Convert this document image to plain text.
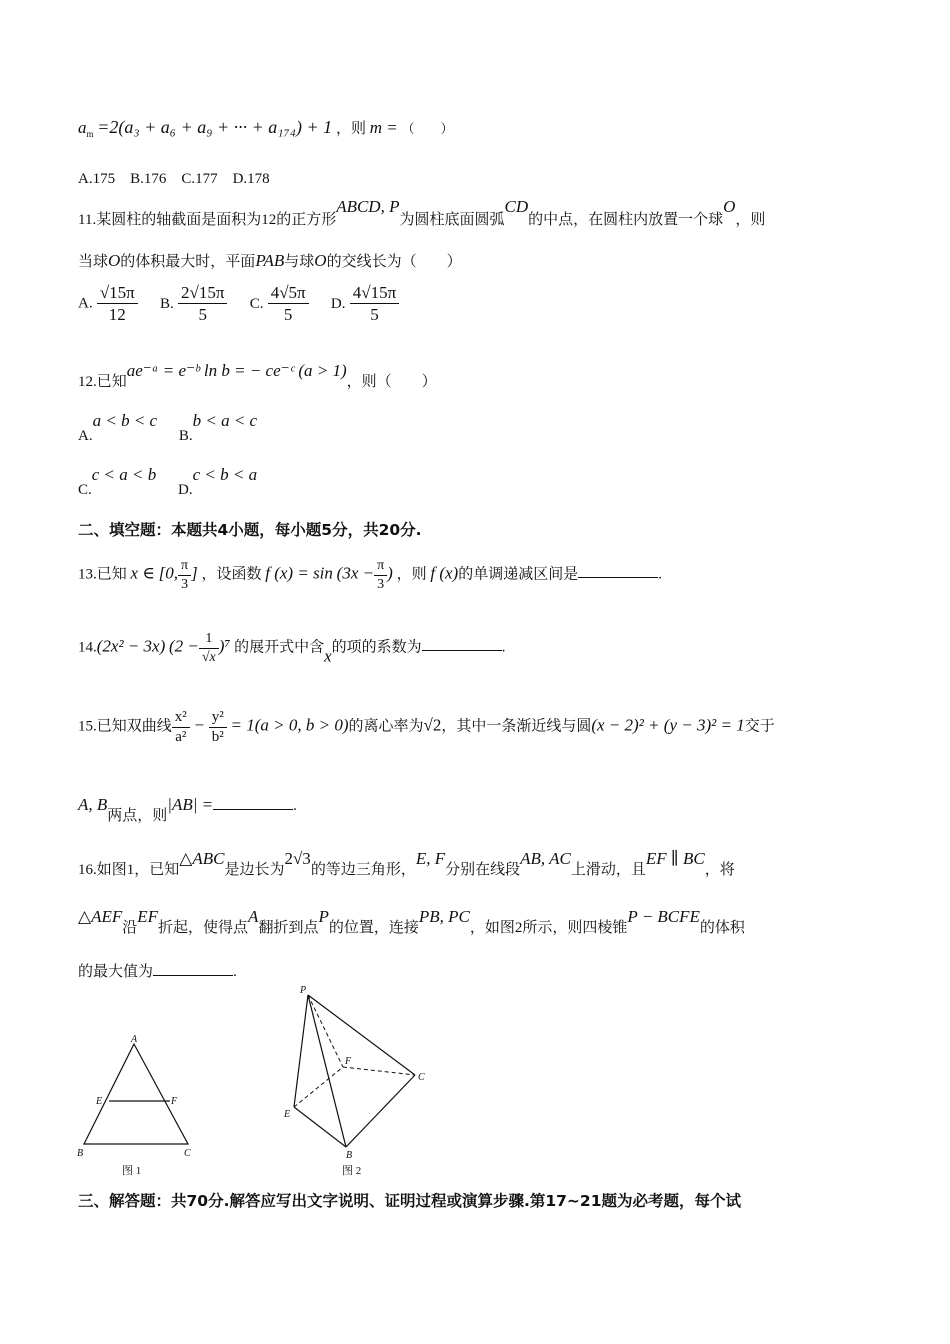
$a_m =2(a_3 + a_6 + a_9$ + ··· + a₁₇₄) + 1 ，则 m = （　　）
A.175　B.176　C.177　D.178
11.某圆柱的轴截面是面积为12的正方形ABCD, P为圆柱底面圆弧CD的中点，在圆柱内放置一个球O，则
当球O的体积最大时，平面PAB与球O的交线长为（　　）
A. $\frac{√15\pi}{12} B$. $\frac{2√15\pi}{5} C$. $\frac{4√5\pi}{5} D$. $\frac{4√15\pi}{5}$
12.已知ae⁻ᵃ = e⁻ᵇ ln b = − ce⁻ᶜ (a > 1)，则（　　）
A.a < b < c B.b < a < c
C.c < a < b D.c < b < a
二、填空题：本题共4小题，每小题5分，共20分.
13.已知 x ∈ [0, $\frac{\pi}{3}$ ] ，设函数 f $(x) = \sin (3x - \frac{\pi}{3}$ ) ，则 f (x)的单调递减区间是	.
14.(2x² − 3x) $(2 - \frac{1}{√x} )^7$ 的展开式中含x的项的系数为	.
15.已知双曲线 $\frac{\text{x²}}{\text{a²}} - \frac{\text{y²}}{\text{b²}} = 1(a > 0$, b > 0)的离心率为√2，其中一条渐近线与圆(x − 2)² + (y − 3)² = 1交于
A, B两点，则|AB| =	.
16.如图1，已知△ABC是边长为2√3的等边三角形，E, F分别在线段AB, AC上滑动，且EF ∥ BC，将
△AEF沿EF折起，使得点A翻折到点P的位置，连接PB, PC，如图2所示，则四棱锥P − BCFE的体积
的最大值为	.
A
E	F
B	C
图 1
P
F
C
E
B
图 2
三、解答题：共70分.解答应写出文字说明、证明过程或演算步骤.第17~21题为必考题，每个试
